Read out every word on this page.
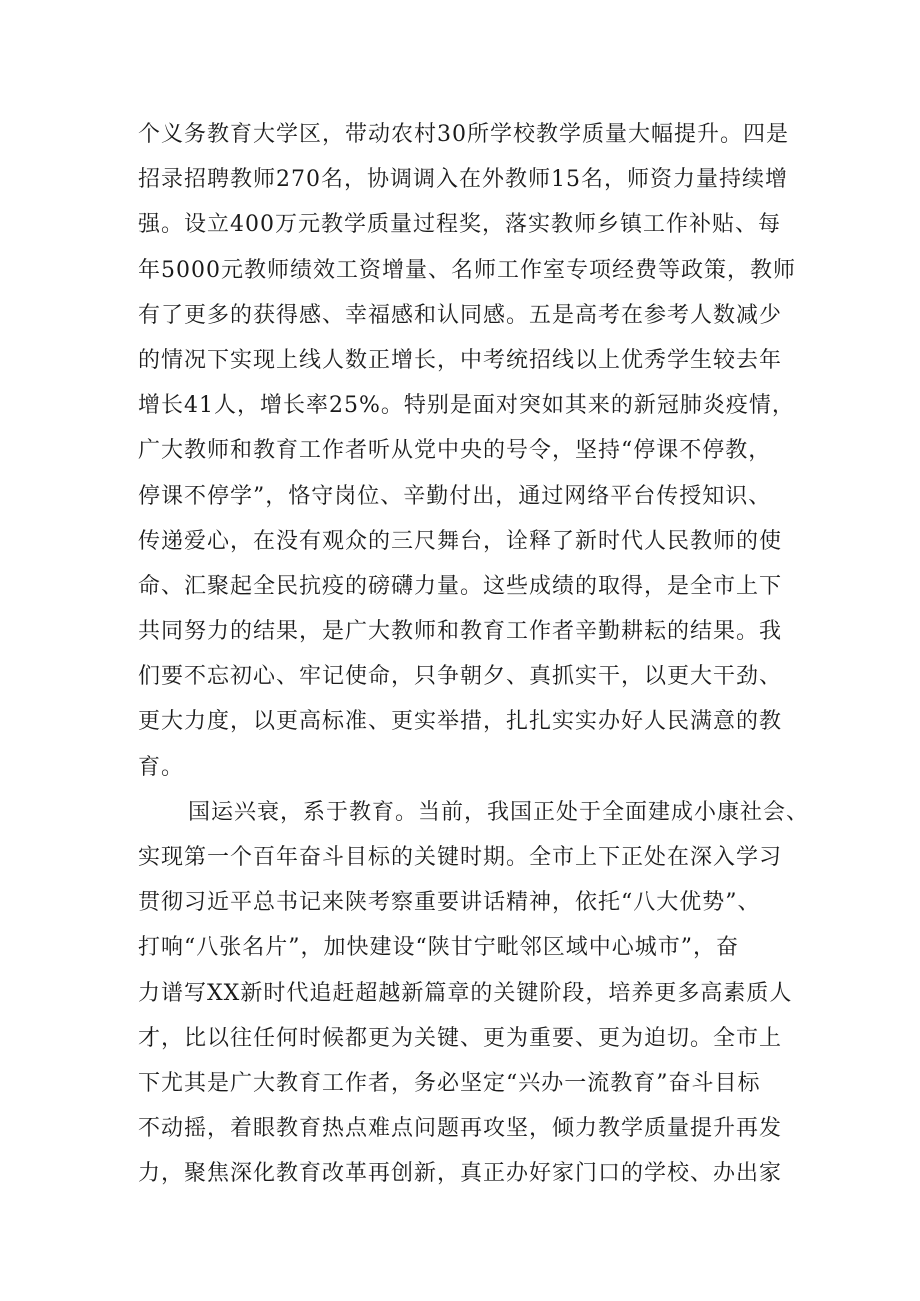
个义务教育大学区，带动农村30所学校教学质量大幅提升。四是
招录招聘教师270名，协调调入在外教师15名，师资力量持续增
强。设立400万元教学质量过程奖，落实教师乡镇工作补贴、每
年5000元教师绩效工资增量、名师工作室专项经费等政策，教师
有了更多的获得感、幸福感和认同感。五是高考在参考人数减少
的情况下实现上线人数正增长，中考统招线以上优秀学生较去年
增长41人，增长率25%。特别是面对突如其来的新冠肺炎疫情，
广大教师和教育工作者听从党中央的号令，坚持“停课不停教，
停课不停学”，恪守岗位、辛勤付出，通过网络平台传授知识、
传递爱心，在没有观众的三尺舞台，诠释了新时代人民教师的使
命、汇聚起全民抗疫的磅礴力量。这些成绩的取得，是全市上下
共同努力的结果，是广大教师和教育工作者辛勤耕耘的结果。我
们要不忘初心、牢记使命，只争朝夕、真抓实干，以更大干劲、
更大力度，以更高标准、更实举措，扎扎实实办好人民满意的教
育。
国运兴衰，系于教育。当前，我国正处于全面建成小康社会、
实现第一个百年奋斗目标的关键时期。全市上下正处在深入学习
贯彻习近平总书记来陕考察重要讲话精神，依托“八大优势”、
打响“八张名片”，加快建设“陕甘宁毗邻区域中心城市”，奋
力谱写XX新时代追赶超越新篇章的关键阶段，培养更多高素质人
才，比以往任何时候都更为关键、更为重要、更为迫切。全市上
下尤其是广大教育工作者，务必坚定“兴办一流教育”奋斗目标
不动摇，着眼教育热点难点问题再攻坚，倾力教学质量提升再发
力，聚焦深化教育改革再创新，真正办好家门口的学校、办出家
